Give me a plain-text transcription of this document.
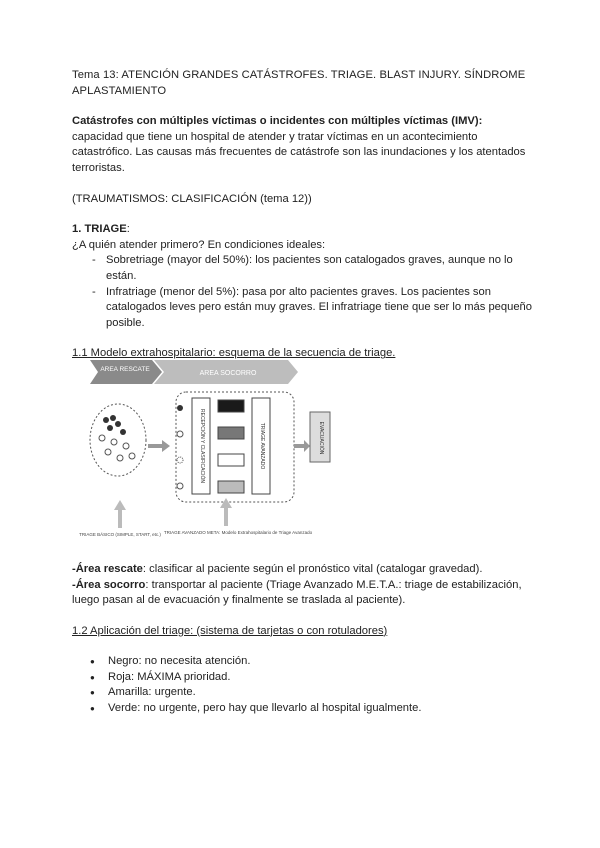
Tema 13: ATENCIÓN GRANDES CATÁSTROFES. TRIAGE. BLAST INJURY. SÍNDROME APLASTAMIENTO

Catástrofes con múltiples víctimas o incidentes con múltiples víctimas (IMV): capacidad que tiene un hospital de atender y tratar víctimas en un acontecimiento catastrófico. Las causas más frecuentes de catástrofe son las inundaciones y los atentados terroristas.

(TRAUMATISMOS: CLASIFICACIÓN (tema 12))

1. TRIAGE:

¿A quién atender primero? En condiciones ideales:

- Sobretriage (mayor del 50%): los pacientes son catalogados graves, aunque no lo están.
- Infratriage (menor del 5%): pasa por alto pacientes graves. Los pacientes son catalogados leves pero están muy graves. El infratriage tiene que ser lo más pequeño posible.

1.1 Modelo extrahospitalario: esquema de la secuencia de triage.

-Área rescate: clasificar al paciente según el pronóstico vital (catalogar gravedad).

-Área socorro: transportar al paciente (Triage Avanzado M.E.T.A.: triage de estabilización, luego pasan al de evacuación y finalmente se traslada al paciente).

1.2 Aplicación del triage: (sistema de tarjetas o con rotuladores)

● Negro: no necesita atención.
● Roja: MÁXIMA prioridad.
● Amarilla: urgente.
● Verde: no urgente, pero hay que llevarlo al hospital igualmente.
AREA RESCATE
AREA SOCORRO
RECEPCIÓN Y CLASIFICACIÓN	TRIAGE AVANZADO	EVACUACIÓN
TRIAGE BÁSICO (SIMPLE, START, etc.) TRIAGE AVANZADO META: Modelo Extrahospitalario de Triage Avanzado
